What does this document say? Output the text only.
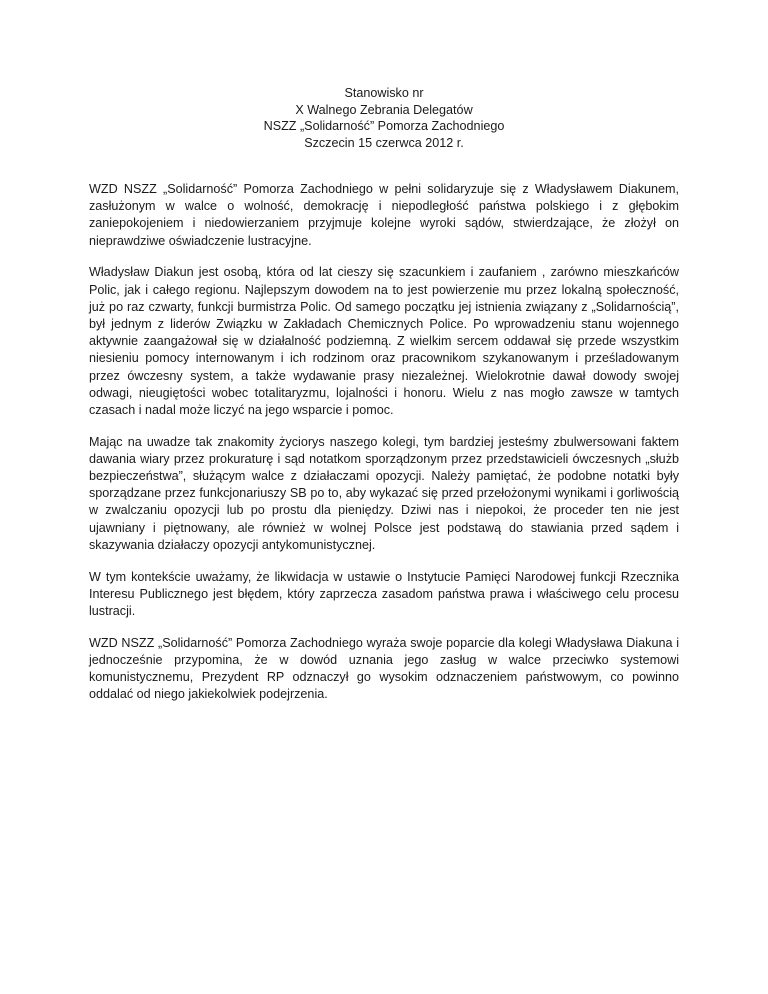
Stanowisko nr
X Walnego Zebrania Delegatów
NSZZ „Solidarność” Pomorza Zachodniego
Szczecin 15 czerwca 2012 r.

WZD NSZZ „Solidarność” Pomorza Zachodniego w pełni solidaryzuje się z Władysławem Diakunem, zasłużonym w walce o wolność, demokrację i niepodległość państwa polskiego i z głębokim zaniepokojeniem i niedowierzaniem przyjmuje kolejne wyroki sądów, stwierdzające, że złożył on nieprawdziwe oświadczenie lustracyjne.

Władysław Diakun jest osobą, która od lat cieszy się szacunkiem i zaufaniem , zarówno mieszkańców Polic, jak i całego regionu. Najlepszym dowodem na to jest powierzenie mu przez lokalną społeczność, już po raz czwarty, funkcji burmistrza Polic. Od samego początku jej istnienia związany z „Solidarnością”, był jednym z liderów Związku w Zakładach Chemicznych Police. Po wprowadzeniu stanu wojennego aktywnie zaangażował się w działalność podziemną. Z wielkim sercem oddawał się przede wszystkim niesieniu pomocy internowanym i ich rodzinom oraz pracownikom szykanowanym i prześladowanym przez ówczesny system, a także wydawanie prasy niezależnej. Wielokrotnie dawał dowody swojej odwagi, nieugiętości wobec totalitaryzmu, lojalności i honoru. Wielu z nas mogło zawsze w tamtych czasach i nadal może liczyć na jego wsparcie i pomoc.

Mając na uwadze tak znakomity życiorys naszego kolegi, tym bardziej jesteśmy zbulwersowani faktem dawania wiary przez prokuraturę i sąd notatkom sporządzonym przez przedstawicieli ówczesnych „służb bezpieczeństwa”, służącym walce z działaczami opozycji. Należy pamiętać, że podobne notatki były sporządzane przez funkcjonariuszy SB po to, aby wykazać się przed przełożonymi wynikami i gorliwością w zwalczaniu opozycji lub po prostu dla pieniędzy. Dziwi nas i niepokoi, że proceder ten nie jest ujawniany i piętnowany, ale również w wolnej Polsce jest podstawą do stawiania przed sądem i skazywania działaczy opozycji antykomunistycznej.

W tym kontekście uważamy, że likwidacja w ustawie o Instytucie Pamięci Narodowej funkcji Rzecznika Interesu Publicznego jest błędem, który zaprzecza zasadom państwa prawa i właściwego celu procesu lustracji.

WZD NSZZ „Solidarność” Pomorza Zachodniego wyraża swoje poparcie dla kolegi Władysława Diakuna i jednocześnie przypomina, że w dowód uznania jego zasług w walce przeciwko systemowi komunistycznemu, Prezydent RP odznaczył go wysokim odznaczeniem państwowym, co powinno oddalać od niego jakiekolwiek podejrzenia.
